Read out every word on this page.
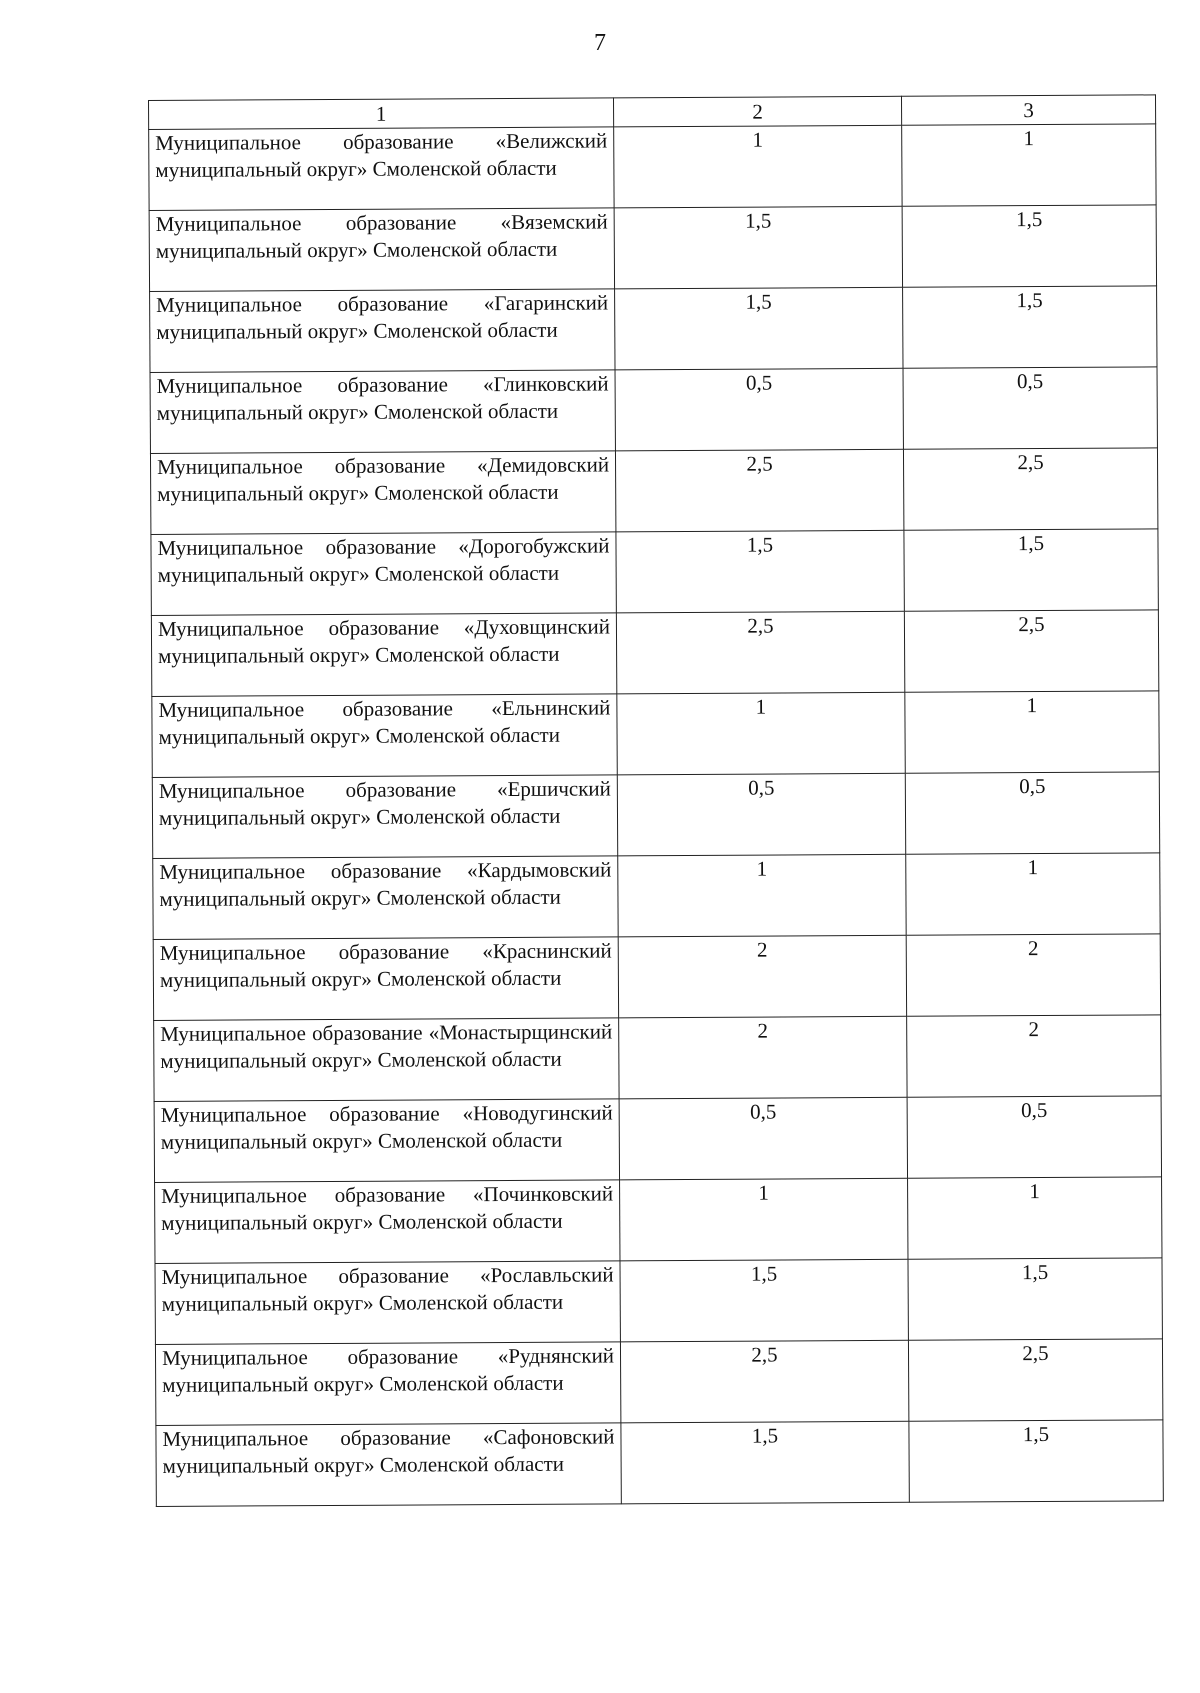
7
1	2	3
Муниципальное образование «Велижский муниципальный округ» Смоленской области	1	1
Муниципальное образование «Вяземский муниципальный округ» Смоленской области	1,5	1,5
Муниципальное образование «Гагаринский муниципальный округ» Смоленской области	1,5	1,5
Муниципальное образование «Глинковский муниципальный округ» Смоленской области	0,5	0,5
Муниципальное образование «Демидовский муниципальный округ» Смоленской области	2,5	2,5
Муниципальное образование «Дорогобужский муниципальный округ» Смоленской области	1,5	1,5
Муниципальное образование «Духовщинский муниципальный округ» Смоленской области	2,5	2,5
Муниципальное образование «Ельнинский муниципальный округ» Смоленской области	1	1
Муниципальное образование «Ершичский муниципальный округ» Смоленской области	0,5	0,5
Муниципальное образование «Кардымовский муниципальный округ» Смоленской области	1	1
Муниципальное образование «Краснинский муниципальный округ» Смоленской области	2	2
Муниципальное образование «Монастырщинский муниципальный округ» Смоленской области	2	2
Муниципальное образование «Новодугинский муниципальный округ» Смоленской области	0,5	0,5
Муниципальное образование «Починковский муниципальный округ» Смоленской области	1	1
Муниципальное образование «Рославльский муниципальный округ» Смоленской области	1,5	1,5
Муниципальное образование «Руднянский муниципальный округ» Смоленской области	2,5	2,5
Муниципальное образование «Сафоновский муниципальный округ» Смоленской области	1,5	1,5
